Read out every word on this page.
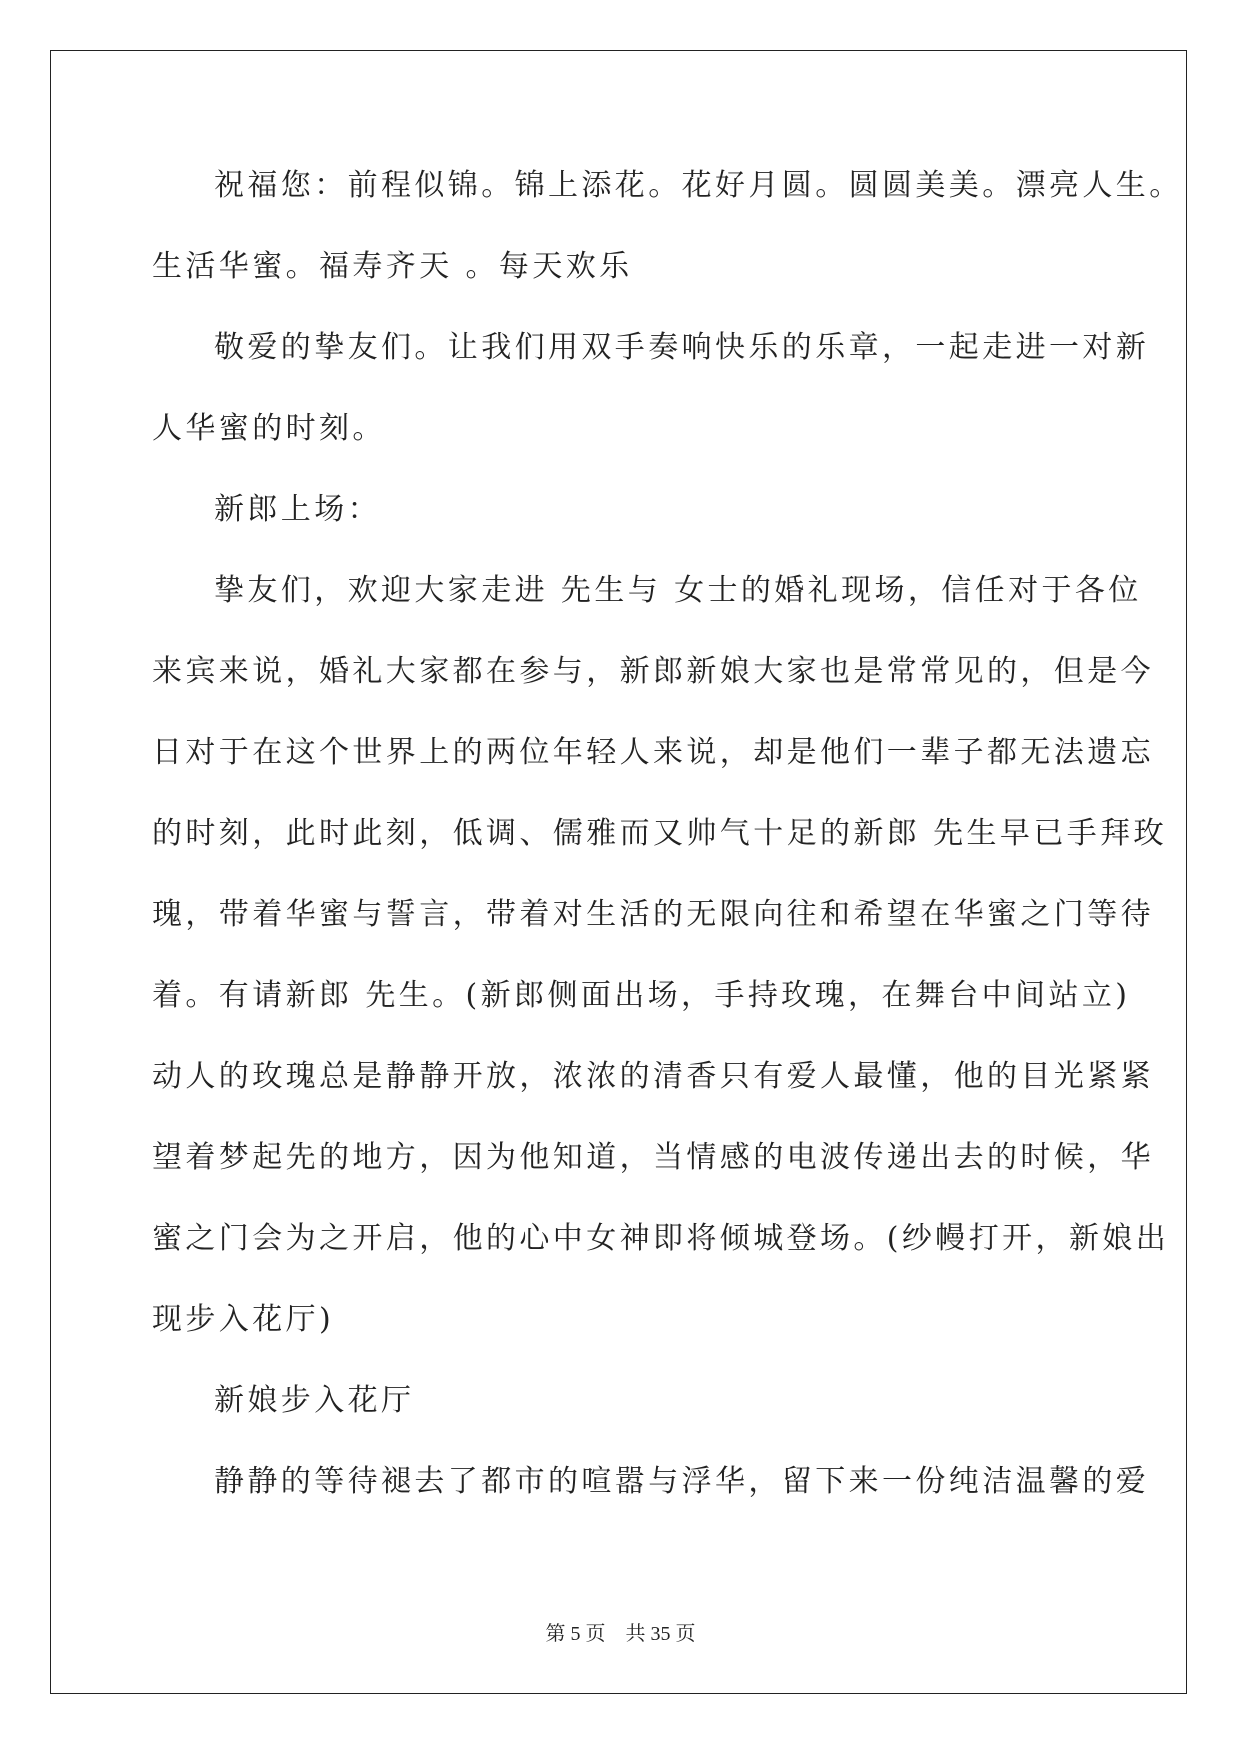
祝福您：前程似锦。锦上添花。花好月圆。圆圆美美。漂亮人生。
生活华蜜。福寿齐天 。每天欢乐
敬爱的挚友们。让我们用双手奏响快乐的乐章，一起走进一对新
人华蜜的时刻。
新郎上场：
挚友们，欢迎大家走进 先生与 女士的婚礼现场，信任对于各位
来宾来说，婚礼大家都在参与，新郎新娘大家也是常常见的，但是今
日对于在这个世界上的两位年轻人来说，却是他们一辈子都无法遗忘
的时刻，此时此刻，低调、儒雅而又帅气十足的新郎 先生早已手拜玫
瑰，带着华蜜与誓言，带着对生活的无限向往和希望在华蜜之门等待
着。有请新郎 先生。(新郎侧面出场，手持玫瑰，在舞台中间站立)
动人的玫瑰总是静静开放，浓浓的清香只有爱人最懂，他的目光紧紧
望着梦起先的地方，因为他知道，当情感的电波传递出去的时候，华
蜜之门会为之开启，他的心中女神即将倾城登场。(纱幔打开，新娘出
现步入花厅)
新娘步入花厅
静静的等待褪去了都市的喧嚣与浮华，留下来一份纯洁温馨的爱
第 5 页    共 35 页
